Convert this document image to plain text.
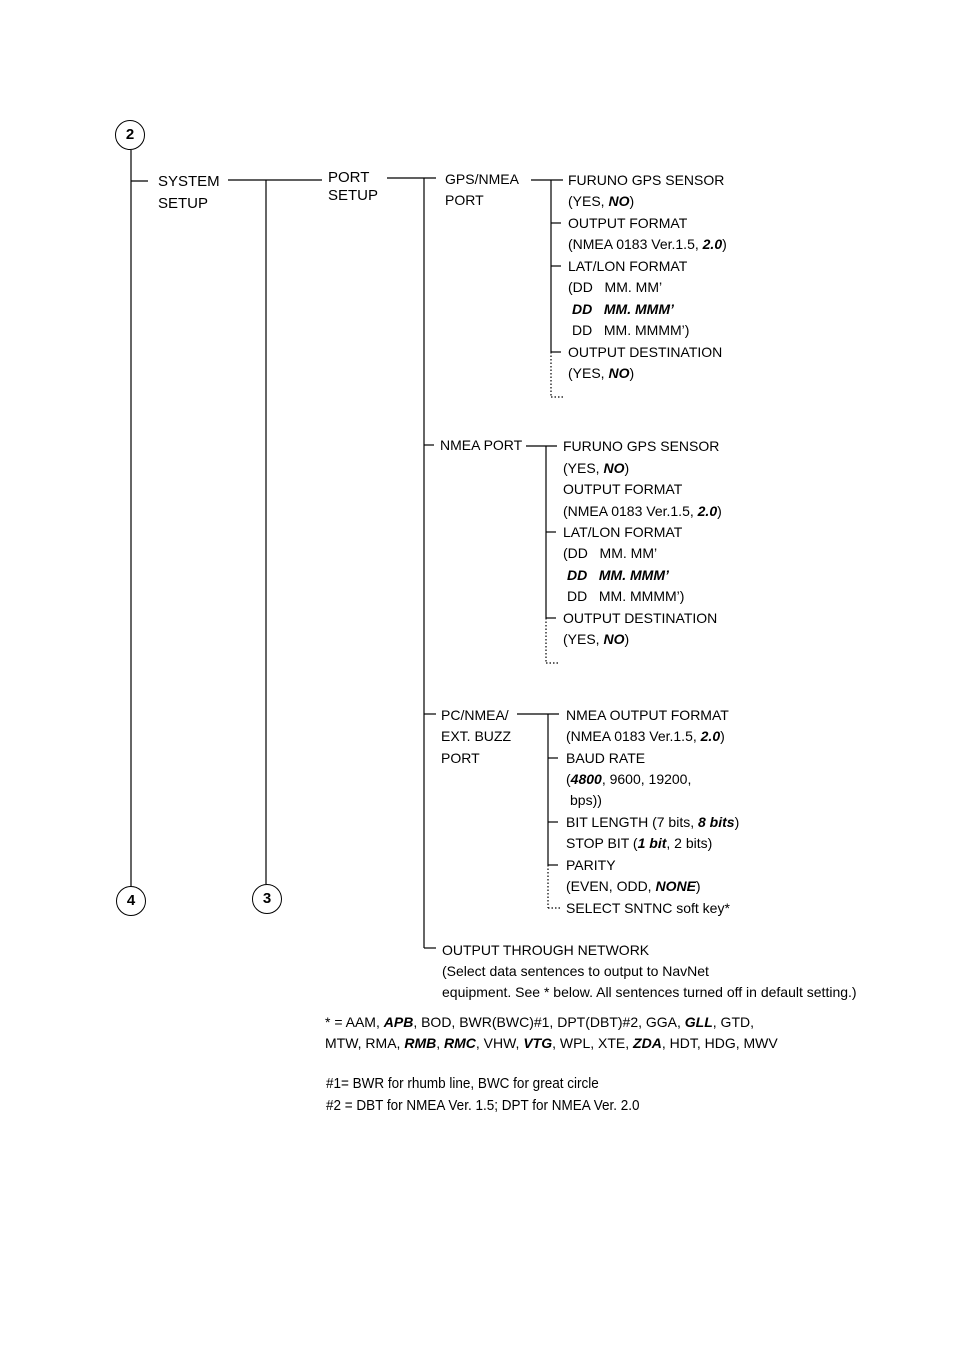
2
4	3
SYSTEM
SETUP
PORT
SETUP
GPS/NMEA
PORT
FURUNO GPS SENSOR
(YES, NO)
OUTPUT FORMAT
(NMEA 0183 Ver.1.5, 2.0)
LAT/LON FORMAT
(DD   MM. MM’
DD   MM. MMM’
DD   MM. MMMM’)
OUTPUT DESTINATION
(YES, NO)
NMEA PORT	FURUNO GPS SENSOR
(YES, NO)
OUTPUT FORMAT
(NMEA 0183 Ver.1.5, 2.0)
LAT/LON FORMAT
(DD   MM. MM’
DD   MM. MMM’
DD   MM. MMMM’)
OUTPUT DESTINATION
(YES, NO)
PC/NMEA/
EXT. BUZZ
PORT
NMEA OUTPUT FORMAT
(NMEA 0183 Ver.1.5, 2.0)
BAUD RATE
(4800, 9600, 19200,
bps))
BIT LENGTH (7 bits, 8 bits)
STOP BIT (1 bit, 2 bits)
PARITY
(EVEN, ODD, NONE)
SELECT SNTNC soft key*
OUTPUT THROUGH NETWORK
(Select data sentences to output to NavNet
equipment. See * below. All sentences turned off in default setting.)
* = AAM, APB, BOD, BWR(BWC)#1, DPT(DBT)#2, GGA, GLL, GTD,
MTW, RMA, RMB, RMC, VHW, VTG, WPL, XTE, ZDA, HDT, HDG, MWV
#1= BWR for rhumb line, BWC for great circle
#2 = DBT for NMEA Ver. 1.5; DPT for NMEA Ver. 2.0
